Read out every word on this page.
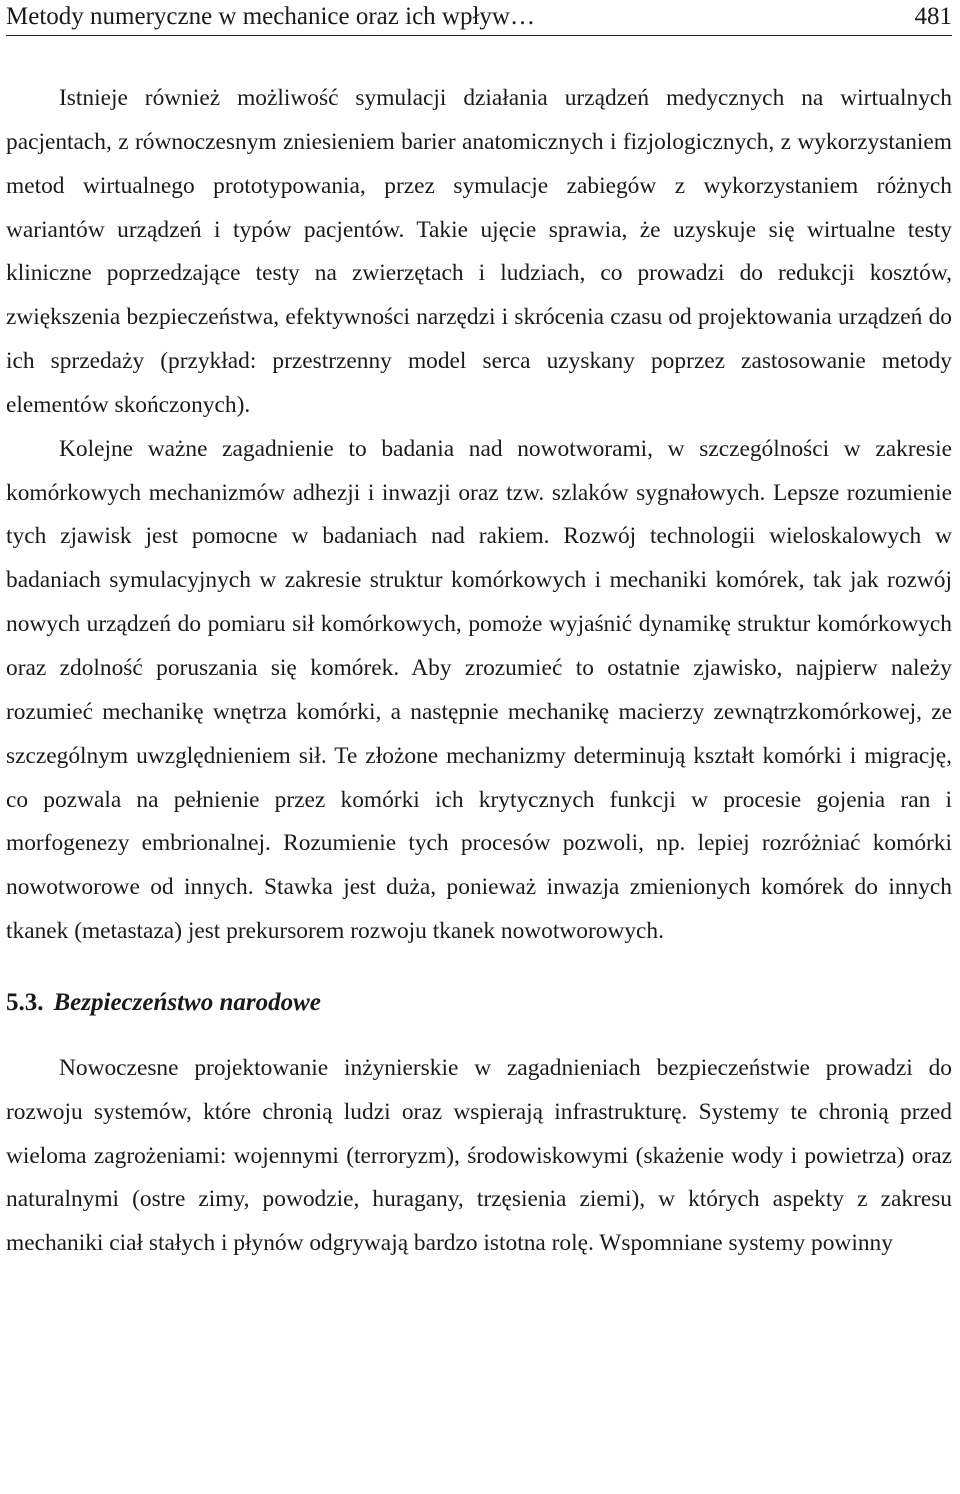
Metody numeryczne w mechanice oraz ich wpływ…	481

Istnieje również możliwość symulacji działania urządzeń medycznych na wirtualnych pacjentach, z równoczesnym zniesieniem barier anatomicznych i fizjologicznych, z wykorzystaniem metod wirtualnego prototypowania, przez symulacje zabiegów z wykorzystaniem różnych wariantów urządzeń i typów pacjentów. Takie ujęcie sprawia, że uzyskuje się wirtualne testy kliniczne poprzedzające testy na zwierzętach i ludziach, co prowadzi do redukcji kosztów, zwiększenia bezpieczeństwa, efektywności narzędzi i skrócenia czasu od projektowania urządzeń do ich sprzedaży (przykład: przestrzenny model serca uzyskany poprzez zastosowanie metody elementów skończonych).

Kolejne ważne zagadnienie to badania nad nowotworami, w szczególności w zakresie komórkowych mechanizmów adhezji i inwazji oraz tzw. szlaków sygnałowych. Lepsze rozumienie tych zjawisk jest pomocne w badaniach nad rakiem. Rozwój technologii wieloskalowych w badaniach symulacyjnych w zakresie struktur komórkowych i mechaniki komórek, tak jak rozwój nowych urządzeń do pomiaru sił komórkowych, pomoże wyjaśnić dynamikę struktur komórkowych oraz zdolność poruszania się komórek. Aby zrozumieć to ostatnie zjawisko, najpierw należy rozumieć mechanikę wnętrza komórki, a następnie mechanikę macierzy zewnątrzkomórkowej, ze szczególnym uwzględnieniem sił. Te złożone mechanizmy determinują kształt komórki i migrację, co pozwala na pełnienie przez komórki ich krytycznych funkcji w procesie gojenia ran i morfogenezy embrionalnej. Rozumienie tych procesów pozwoli, np. lepiej rozróżniać komórki nowotworowe od innych. Stawka jest duża, ponieważ inwazja zmienionych komórek do innych tkanek (metastaza) jest prekursorem rozwoju tkanek nowotworowych.

5.3. Bezpieczeństwo narodowe

Nowoczesne projektowanie inżynierskie w zagadnieniach bezpieczeństwie prowadzi do rozwoju systemów, które chronią ludzi oraz wspierają infrastrukturę. Systemy te chronią przed wieloma zagrożeniami: wojennymi (terroryzm), środowiskowymi (skażenie wody i powietrza) oraz naturalnymi (ostre zimy, powodzie, huragany, trzęsienia ziemi), w których aspekty z zakresu mechaniki ciał stałych i płynów odgrywają bardzo istotna rolę. Wspomniane systemy powinny
